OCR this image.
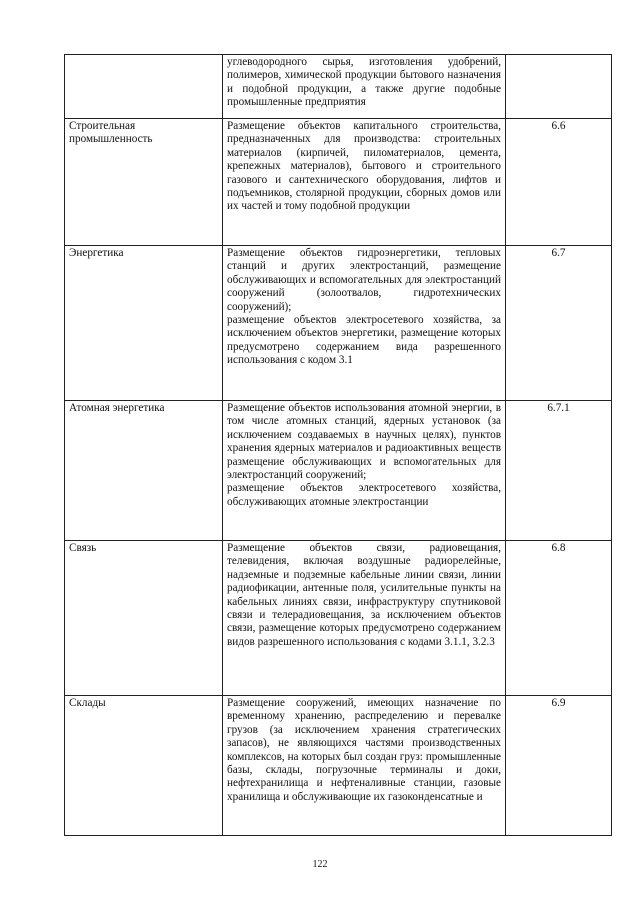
	углеводородного сырья, изготовления удобрений, полимеров, химической продукции бытового назначения и подобной продукции, а также другие подобные промышленные предприятия	

Строительная промышленность	Размещение объектов капитального строительства, предназначенных для производства: строительных материалов (кирпичей, пиломатериалов, цемента, крепежных материалов), бытового и строительного газового и сантехнического оборудования, лифтов и подъемников, столярной продукции, сборных домов или их частей и тому подобной продукции	6.6
Энергетика	Размещение объектов гидроэнергетики, тепловых станций и других электростанций, размещение обслуживающих и вспомогательных для электростанций сооружений (золоотвалов, гидротехнических сооружений);

размещение объектов электросетевого хозяйства, за исключением объектов энергетики, размещение которых предусмотрено содержанием вида разрешенного использования с кодом 3.1	6.7
Атомная энергетика	Размещение объектов использования атомной энергии, в том числе атомных станций, ядерных установок (за исключением создаваемых в научных целях), пунктов хранения ядерных материалов и радиоактивных веществ размещение обслуживающих и вспомогательных для электростанций сооружений;

размещение объектов электросетевого хозяйства, обслуживающих атомные электростанции	6.7.1
Связь	Размещение объектов связи, радиовещания, телевидения, включая воздушные радиорелейные, надземные и подземные кабельные линии связи, линии радиофикации, антенные поля, усилительные пункты на кабельных линиях связи, инфраструктуру спутниковой связи и телерадиовещания, за исключением объектов связи, размещение которых предусмотрено содержанием видов разрешенного использования с кодами 3.1.1, 3.2.3	6.8
Склады	Размещение сооружений, имеющих назначение по временному хранению, распределению и перевалке грузов (за исключением хранения стратегических запасов), не являющихся частями производственных комплексов, на которых был создан груз: промышленные базы, склады, погрузочные терминалы и доки, нефтехранилища и нефтеналивные станции, газовые хранилища и обслуживающие их газоконденсатные и	6.9
122
